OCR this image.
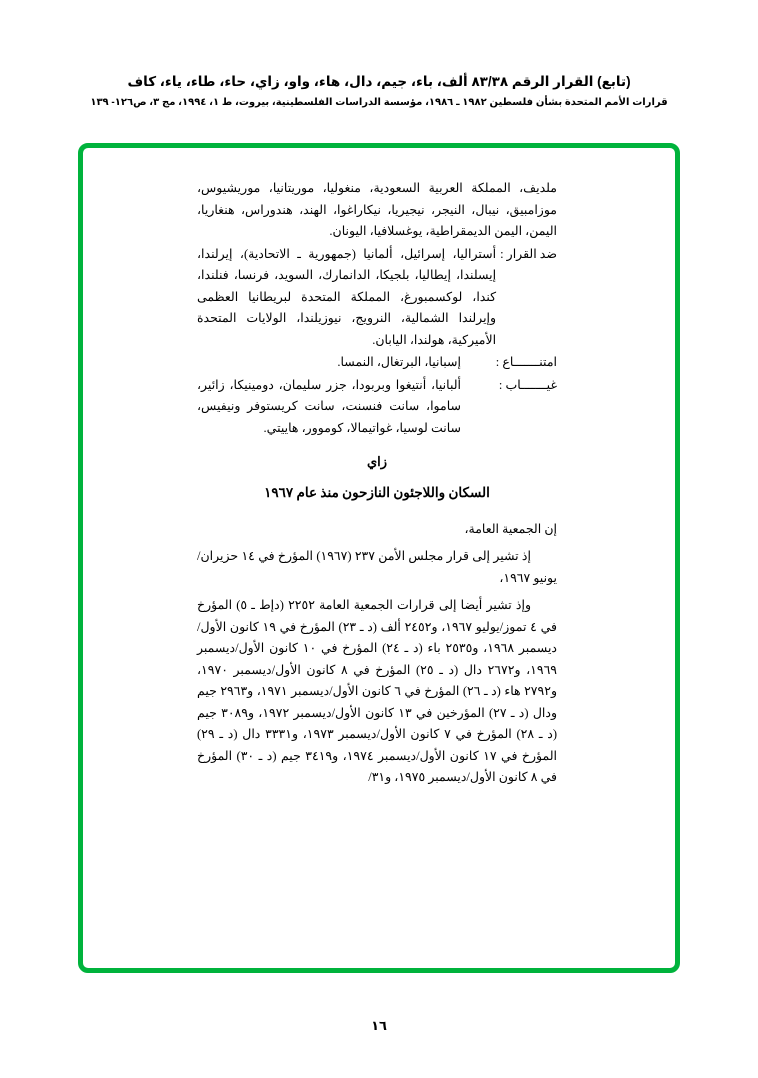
(تابع) القرار الرقم ٨٣/٣٨ ألف، باء، جيم، دال، هاء، واو، زاي، حاء، طاء، ياء، كاف
قرارات الأمم المتحدة بشأن فلسطين ١٩٨٢ ـ ١٩٨٦، مؤسسة الدراسات الفلسطينية، بيروت، ط ١، ١٩٩٤، مج ٣، ص١٢٦- ١٣٩

ملديف، المملكة العربية السعودية، منغوليا، موريتانيا، موريشيوس، موزامبيق، نيبال، النيجر، نيجيريا، نيكاراغوا، الهند، هندوراس، هنغاريا، اليمن، اليمن الديمقراطية، يوغسلافيا، اليونان.

ضد القرار :
أستراليا، إسرائيل، ألمانيا (جمهورية ـ الاتحادية)، إيرلندا، إيسلندا، إيطاليا، بلجيكا، الدانمارك، السويد، فرنسا، فنلندا، كندا، لوكسمبورغ، المملكة المتحدة لبريطانيا العظمى وإيرلندا الشمالية، النرويج، نيوزيلندا، الولايات المتحدة الأميركية، هولندا، اليابان.
امتنـــــــاع :
إسبانيا، البرتغال، النمسا.
غيـــــــاب :
ألبانيا، أنتيغوا وبربودا، جزر سليمان، دومينيكا، زائير، ساموا، سانت فنسنت، سانت كريستوفر ونيفيس، سانت لوسيا، غواتيمالا، كوموور، هاييتي.
زاي
السكان واللاجئون النازحون منذ عام ١٩٦٧

إن الجمعية العامة،

إذ تشير إلى قرار مجلس الأمن ٢٣٧ (١٩٦٧) المؤرخ في ١٤ حزيران/يونيو ١٩٦٧،

وإذ تشير أيضا إلى قرارات الجمعية العامة ٢٢٥٢ (دإط ـ ٥) المؤرخ في ٤ تموز/يوليو ١٩٦٧، و٢٤٥٢ ألف (د ـ ٢٣) المؤرخ في ١٩ كانون الأول/ديسمبر ١٩٦٨، و٢٥٣٥ باء (د ـ ٢٤) المؤرخ في ١٠ كانون الأول/ديسمبر ١٩٦٩، و٢٦٧٢ دال (د ـ ٢٥) المؤرخ في ٨ كانون الأول/ديسمبر ١٩٧٠، و٢٧٩٢ هاء (د ـ ٢٦) المؤرخ في ٦ كانون الأول/ديسمبر ١٩٧١، و٢٩٦٣ جيم ودال (د ـ ٢٧) المؤرخين في ١٣ كانون الأول/ديسمبر ١٩٧٢، و٣٠٨٩ جيم (د ـ ٢٨) المؤرخ في ٧ كانون الأول/ديسمبر ١٩٧٣، و٣٣٣١ دال (د ـ ٢٩) المؤرخ في ١٧ كانون الأول/ديسمبر ١٩٧٤، و٣٤١٩ جيم (د ـ ٣٠) المؤرخ في ٨ كانون الأول/ديسمبر ١٩٧٥، و٣١/

١٦
